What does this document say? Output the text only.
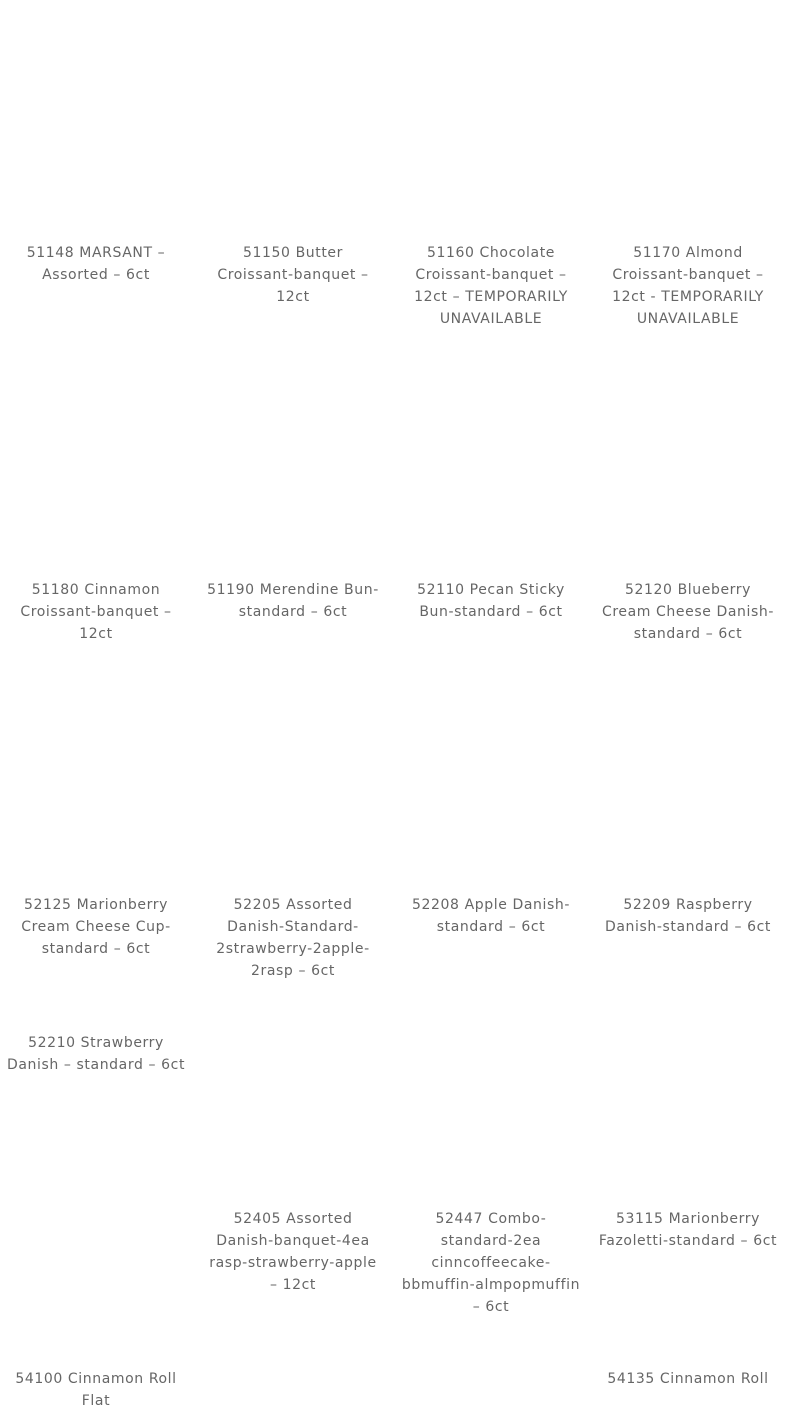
51148 MARSANT – Assorted – 6ct
51150 Butter Croissant-banquet – 12ct
51160 Chocolate Croissant-banquet – 12ct – TEMPORARILY UNAVAILABLE
51170 Almond Croissant-banquet – 12ct - TEMPORARILY UNAVAILABLE
51180 Cinnamon Croissant-banquet – 12ct
51190 Merendine Bun-standard – 6ct
52110 Pecan Sticky Bun-standard – 6ct
52120 Blueberry Cream Cheese Danish-standard – 6ct
52125 Marionberry Cream Cheese Cup-standard – 6ct
52205 Assorted Danish-Standard-2strawberry-2apple-2rasp – 6ct
52208 Apple Danish-standard – 6ct
52209 Raspberry Danish-standard – 6ct
52210 Strawberry Danish – standard – 6ct
52405 Assorted Danish-banquet-4ea rasp-strawberry-apple – 12ct
52447 Combo-standard-2ea cinncoffeecake-bbmuffin-almpopmuffin – 6ct
53115 Marionberry Fazoletti-standard – 6ct
54100 Cinnamon Roll Flat
54135 Cinnamon Roll
